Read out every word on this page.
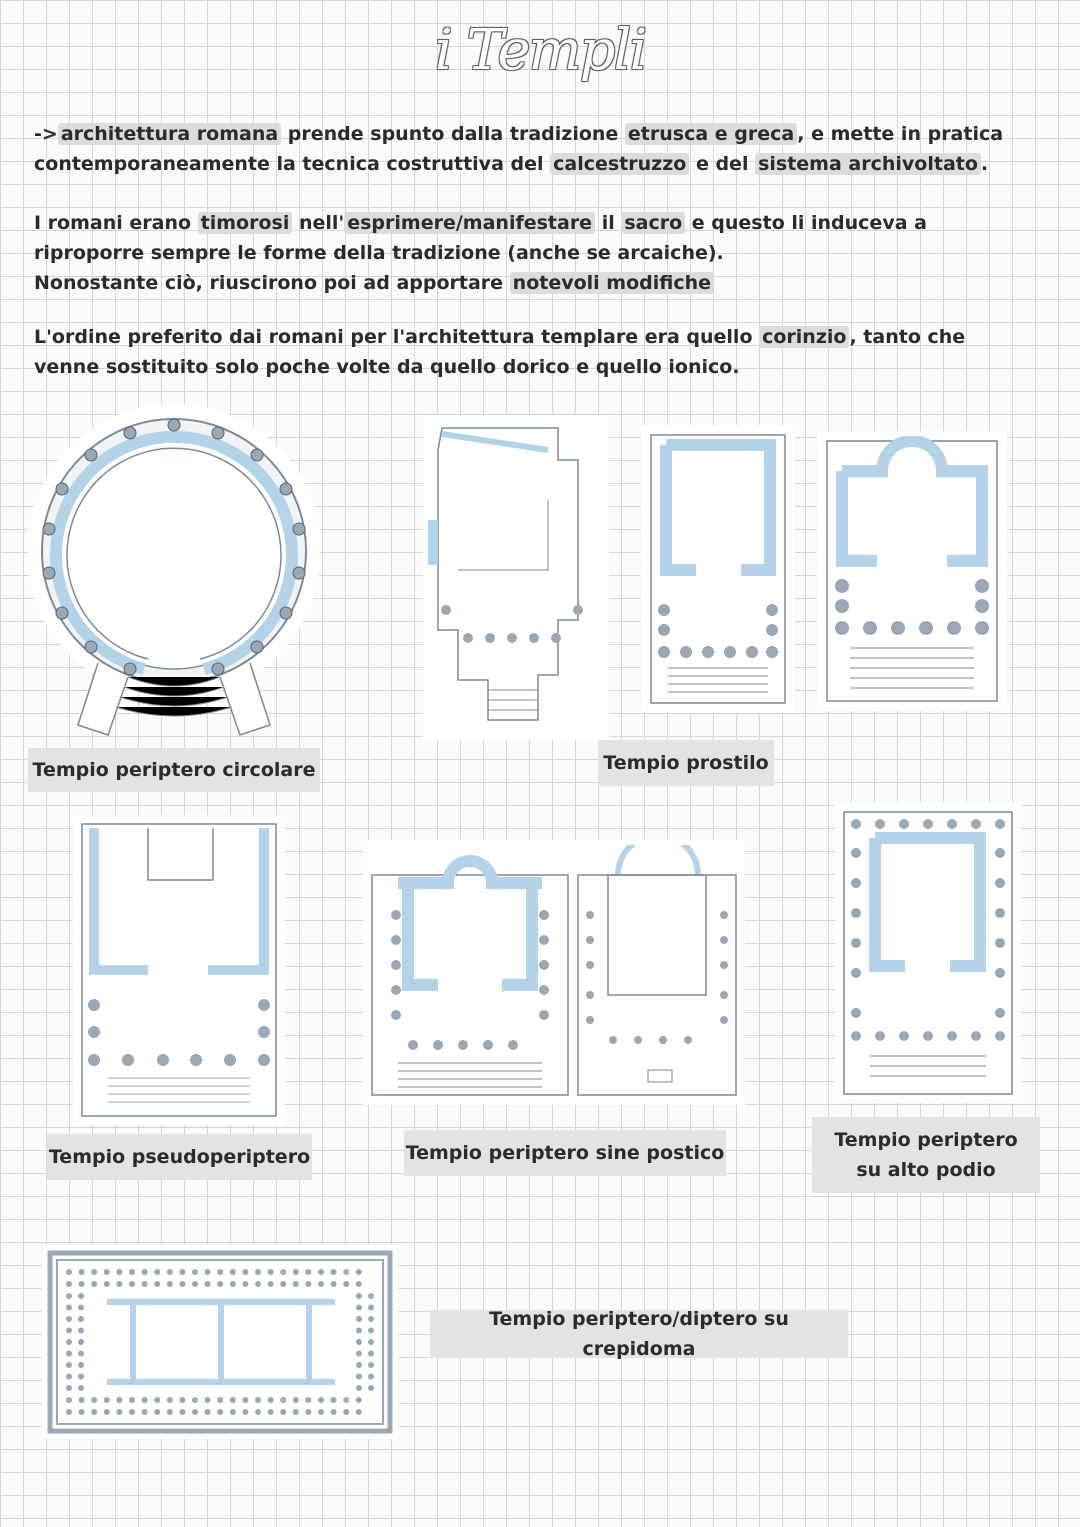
i Templi
-> architettura romana prende spunto dalla tradizione etrusca e greca , e mette in pratica contemporaneamente la tecnica costruttiva del calcestruzzo e del sistema archivoltato .
I romani erano timorosi nell' esprimere/manifestare il sacro e questo li induceva a riproporre sempre le forme della tradizione (anche se arcaiche).
Nonostante ciò, riuscirono poi ad apportare notevoli modifiche
L'ordine preferito dai romani per l'architettura templare era quello corinzio , tanto che venne sostituito solo poche volte da quello dorico e quello ionico.
Tempio periptero circolare	Tempio prostilo
Tempio pseudoperiptero	Tempio periptero sine postico
Tempio periptero
su alto podio
Tempio periptero/diptero su crepidoma
